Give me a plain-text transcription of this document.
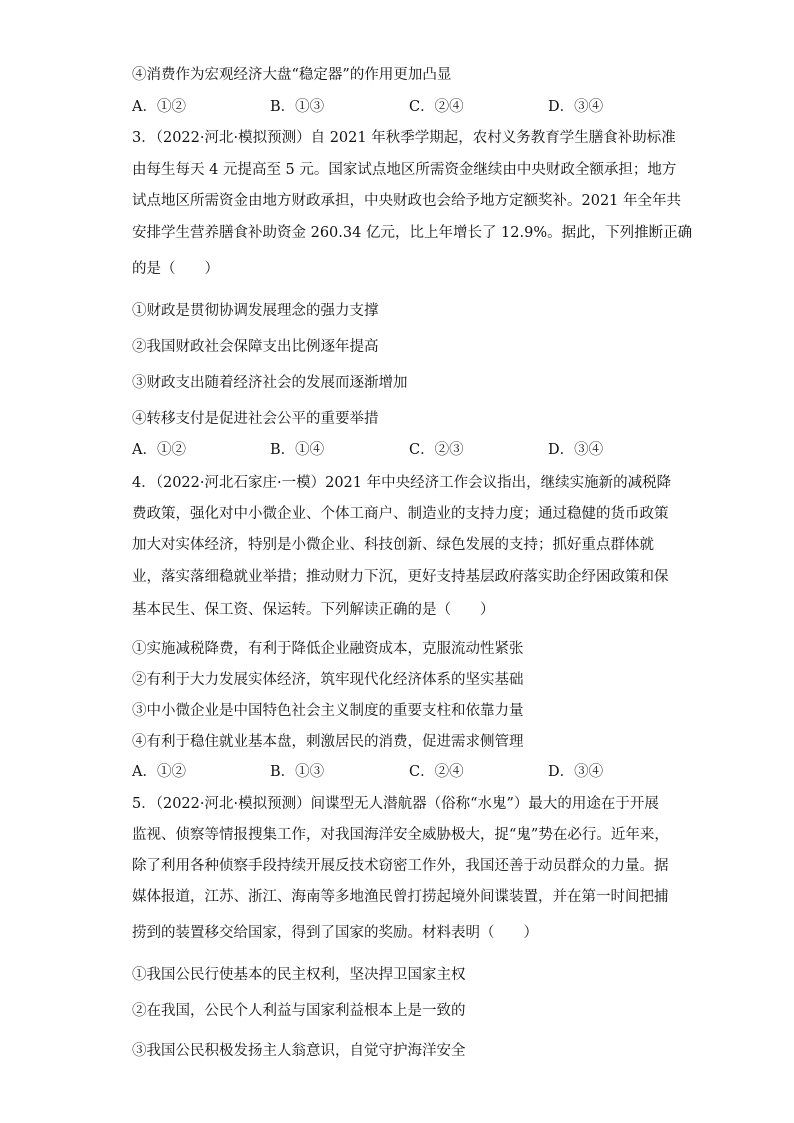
④消费作为宏观经济大盘“稳定器”的作用更加凸显
A．①②	B．①③	C．②④	D．③④
3．（2022·河北·模拟预测）自 2021 年秋季学期起，农村义务教育学生膳食补助标准
由每生每天 4 元提高至 5 元。国家试点地区所需资金继续由中央财政全额承担；地方
试点地区所需资金由地方财政承担，中央财政也会给予地方定额奖补。2021 年全年共
安排学生营养膳食补助资金 260.34 亿元，比上年增长了 12.9%。据此，下列推断正确
的是（　　）
①财政是贯彻协调发展理念的强力支撑
②我国财政社会保障支出比例逐年提高
③财政支出随着经济社会的发展而逐渐增加
④转移支付是促进社会公平的重要举措
A．①②	B．①④	C．②③	D．③④
4．（2022·河北石家庄·一模）2021 年中央经济工作会议指出，继续实施新的减税降
费政策，强化对中小微企业、个体工商户、制造业的支持力度；通过稳健的货币政策
加大对实体经济，特别是小微企业、科技创新、绿色发展的支持；抓好重点群体就
业，落实落细稳就业举措；推动财力下沉，更好支持基层政府落实助企纾困政策和保
基本民生、保工资、保运转。下列解读正确的是（　　）
①实施减税降费，有利于降低企业融资成本，克服流动性紧张
②有利于大力发展实体经济，筑牢现代化经济体系的坚实基础
③中小微企业是中国特色社会主义制度的重要支柱和依靠力量
④有利于稳住就业基本盘，刺激居民的消费，促进需求侧管理
A．①②	B．①③	C．②④	D．③④
5．（2022·河北·模拟预测）间谍型无人潜航器（俗称“水鬼”）最大的用途在于开展
监视、侦察等情报搜集工作，对我国海洋安全威胁极大，捉“鬼”势在必行。近年来，
除了利用各种侦察手段持续开展反技术窃密工作外，我国还善于动员群众的力量。据
媒体报道，江苏、浙江、海南等多地渔民曾打捞起境外间谍装置，并在第一时间把捕
捞到的装置移交给国家，得到了国家的奖励。材料表明（　　）
①我国公民行使基本的民主权利，坚决捍卫国家主权
②在我国，公民个人利益与国家利益根本上是一致的
③我国公民积极发扬主人翁意识，自觉守护海洋安全
